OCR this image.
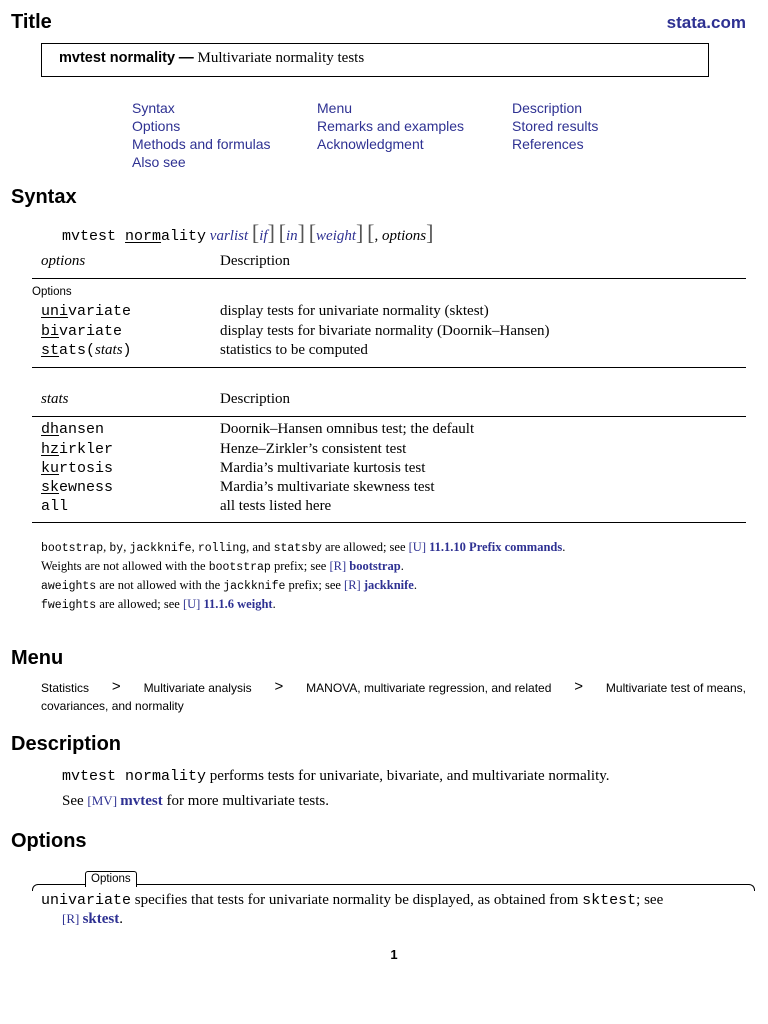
Title	stata.com
mvtest normality — Multivariate normality tests
Syntax
Options
Methods and formulas
Also see
Menu
Remarks and examples
Acknowledgment
Description
Stored results
References
Syntax
mvtest normality varlist [if] [in] [weight] [, options]
options	Description
Options
univariate	display tests for univariate normality (sktest)
bivariate	display tests for bivariate normality (Doornik–Hansen)
stats(stats)	statistics to be computed
stats	Description
dhansen	Doornik–Hansen omnibus test; the default
hzirkler	Henze–Zirkler’s consistent test
kurtosis	Mardia’s multivariate kurtosis test
skewness	Mardia’s multivariate skewness test
all	all tests listed here
bootstrap, by, jackknife, rolling, and statsby are allowed; see [U] 11.1.10 Prefix commands.
Weights are not allowed with the bootstrap prefix; see [R] bootstrap.
aweights are not allowed with the jackknife prefix; see [R] jackknife.
fweights are allowed; see [U] 11.1.6 weight.
Menu
Statistics > Multivariate analysis > MANOVA, multivariate regression, and related > Multivariate test of means,
covariances, and normality
Description
mvtest normality performs tests for univariate, bivariate, and multivariate normality.
See [MV] mvtest for more multivariate tests.
Options
Options
univariate specifies that tests for univariate normality be displayed, as obtained from sktest; see
[R] sktest.
1
